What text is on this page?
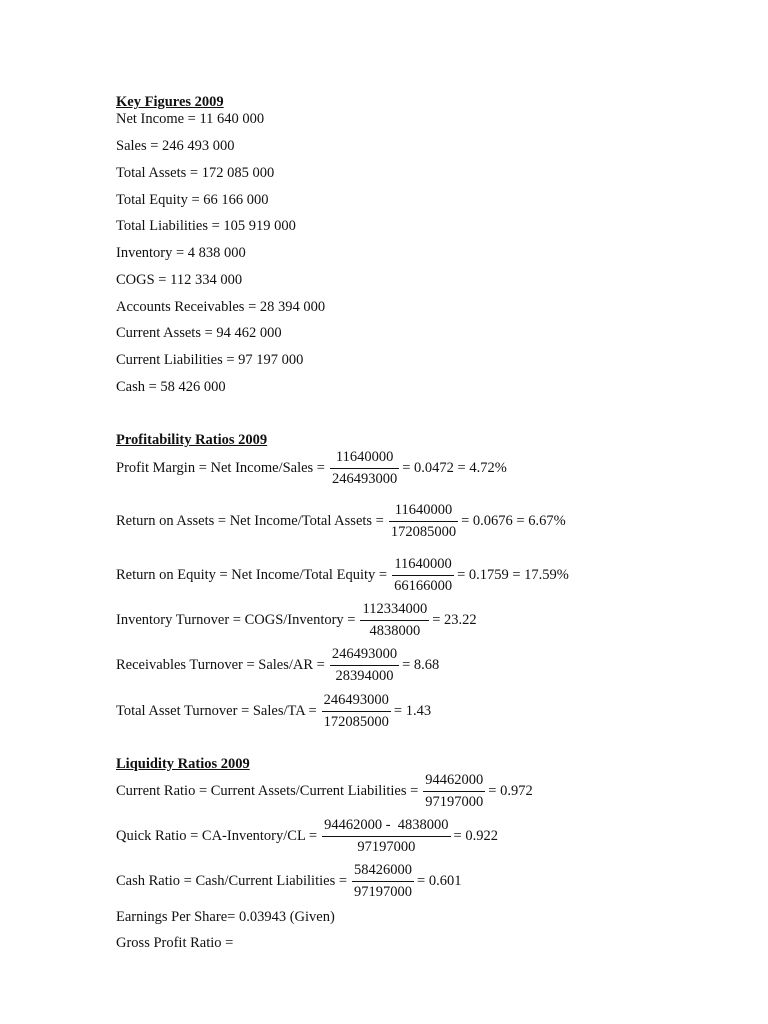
Key Figures 2009
Net Income = 11 640 000
Sales = 246 493 000
Total Assets = 172 085 000
Total Equity = 66 166 000
Total Liabilities = 105 919 000
Inventory = 4 838 000
COGS = 112 334 000
Accounts Receivables = 28 394 000
Current Assets = 94 462 000
Current Liabilities = 97 197 000
Cash = 58 426 000
Profitability Ratios 2009
Profit Margin = Net Income/Sales = $\frac{11640000}{246493000} = 0.0472 = 4.72\%$
Return on Assets = Net Income/Total Assets = $\frac{11640000}{172085000} = 0.0676 = 6.67\%$
Return on Equity = Net Income/Total Equity = $\frac{11640000}{66166000} = 0.1759 = 17.59\%$
Inventory Turnover = COGS/Inventory = $\frac{112334000}{4838000} = 23.22$
Receivables Turnover = Sales/AR = $\frac{246493000}{28394000} = 8.68$
Total Asset Turnover = Sales/TA = $\frac{246493000}{172085000} = 1.43$
Liquidity Ratios 2009
Current Ratio = Current Assets/Current Liabilities = $\frac{94462000}{97197000} = 0.972$
Quick Ratio = CA-Inventory/CL = $\frac{94462000 - 4838000}{97197000} = 0.922$
Cash Ratio = Cash/Current Liabilities = $\frac{58426000}{97197000} = 0.601$
Earnings Per Share= 0.03943 (Given)
Gross Profit Ratio =
